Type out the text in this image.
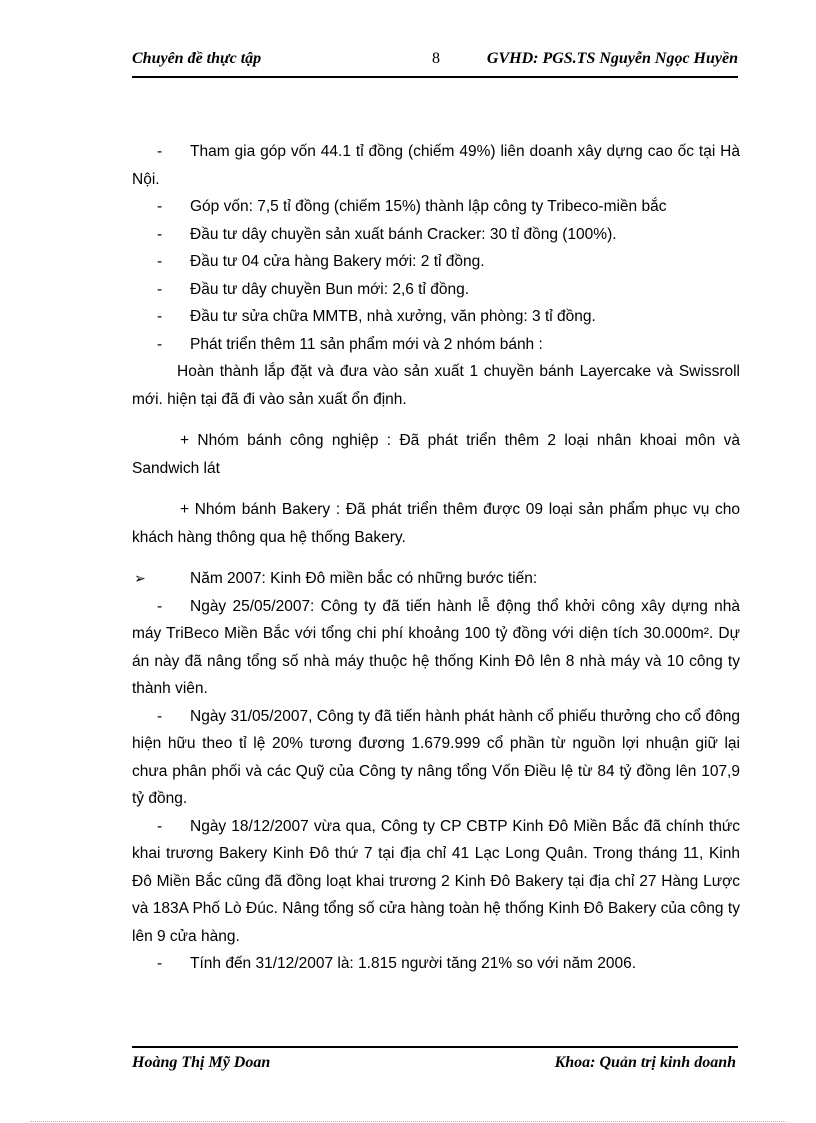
Chuyên đề thực tập	8	GVHD: PGS.TS Nguyễn Ngọc Huyền
- Tham gia góp vốn 44.1 tỉ đồng (chiếm 49%) liên doanh xây dựng cao ốc tại Hà Nội.
- Góp vốn: 7,5 tỉ đồng (chiếm 15%) thành lập công ty Tribeco-miền bắc
- Đầu tư dây chuyền sản xuất bánh Cracker: 30 tỉ đồng (100%).
- Đầu tư 04 cửa hàng Bakery mới: 2 tỉ đồng.
- Đầu tư dây chuyền Bun mới: 2,6 tỉ đồng.
- Đầu tư sửa chữa MMTB, nhà xưởng, văn phòng: 3 tỉ đồng.
- Phát triển thêm 11 sản phẩm mới và 2 nhóm bánh :
Hoàn thành lắp đặt và đưa vào sản xuất 1 chuyền bánh Layercake và Swissroll mới. hiện tại đã đi vào sản xuất ổn định.
+ Nhóm bánh công nghiệp : Đã phát triển thêm 2 loại nhân khoai môn và Sandwich lát
+ Nhóm bánh Bakery : Đã phát triển thêm được 09 loại sản phẩm phục vụ cho khách hàng thông qua hệ thống Bakery.
➢	Năm 2007: Kinh Đô miền bắc có những bước tiến:
- Ngày 25/05/2007: Công ty đã tiến hành lễ động thổ khởi công xây dựng nhà máy TriBeco Miền Bắc với tổng chi phí khoảng 100 tỷ đồng với diện tích 30.000m². Dự án này đã nâng tổng số nhà máy thuộc hệ thống Kinh Đô lên 8 nhà máy và 10 công ty thành viên.
- Ngày 31/05/2007, Công ty đã tiến hành phát hành cổ phiếu thưởng cho cổ đông hiện hữu theo tỉ lệ 20% tương đương 1.679.999 cổ phần từ nguồn lợi nhuận giữ lại chưa phân phối và các Quỹ của Công ty nâng tổng Vốn Điều lệ từ 84 tỷ đồng lên 107,9 tỷ đồng.
- Ngày 18/12/2007 vừa qua, Công ty CP CBTP Kinh Đô Miền Bắc đã chính thức khai trương Bakery Kinh Đô thứ 7 tại địa chỉ 41 Lạc Long Quân. Trong tháng 11, Kinh Đô Miền Bắc cũng đã đồng loạt khai trương 2 Kinh Đô Bakery tại địa chỉ 27 Hàng Lược và 183A Phố Lò Đúc. Nâng tổng số cửa hàng toàn hệ thống Kinh Đô Bakery của công ty lên 9 cửa hàng.
- Tính đến 31/12/2007 là: 1.815 người tăng 21% so với năm 2006.
Hoàng Thị Mỹ Doan	Khoa: Quản trị kinh doanh
